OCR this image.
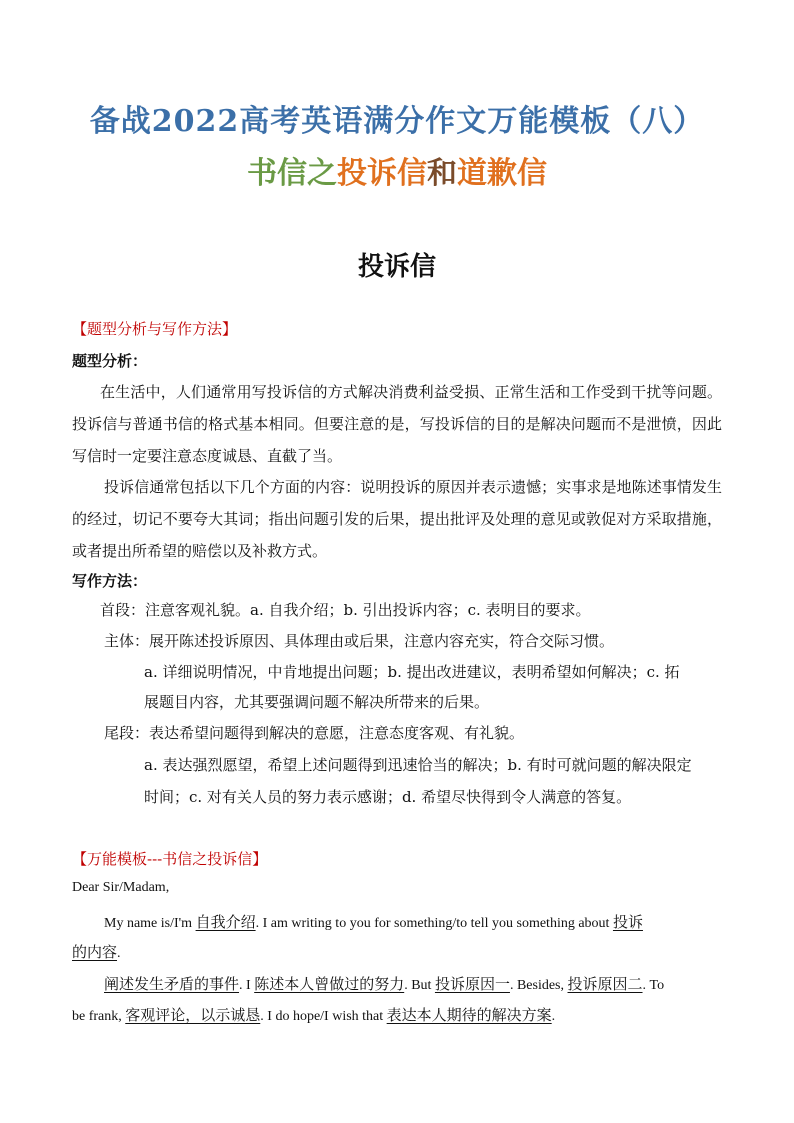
备战2022高考英语满分作文万能模板（八）
书信之投诉信和道歉信
投诉信
【题型分析与写作方法】
题型分析：
在生活中，人们通常用写投诉信的方式解决消费利益受损、正常生活和工作受到干扰等问题。投诉信与普通书信的格式基本相同。但要注意的是，写投诉信的目的是解决问题而不是泄愤，因此写信时一定要注意态度诚恳、直截了当。
投诉信通常包括以下几个方面的内容：说明投诉的原因并表示遗憾；实事求是地陈述事情发生的经过，切记不要夸大其词；指出问题引发的后果，提出批评及处理的意见或敦促对方采取措施，或者提出所希望的赔偿以及补救方式。
写作方法：
首段：注意客观礼貌。a. 自我介绍；b. 引出投诉内容；c. 表明目的要求。
主体：展开陈述投诉原因、具体理由或后果，注意内容充实，符合交际习惯。
a. 详细说明情况，中肯地提出问题；b. 提出改进建议，表明希望如何解决；c. 拓
展题目内容，尤其要强调问题不解决所带来的后果。
尾段：表达希望问题得到解决的意愿，注意态度客观、有礼貌。
a. 表达强烈愿望，希望上述问题得到迅速恰当的解决；b. 有时可就问题的解决限定
时间；c. 对有关人员的努力表示感谢；d. 希望尽快得到令人满意的答复。
【万能模板---书信之投诉信】
Dear Sir/Madam,
My name is/I'm 自我介绍. I am writing to you for something/to tell you something about 投诉
的内容.
阐述发生矛盾的事件. I 陈述本人曾做过的努力. But 投诉原因一. Besides, 投诉原因二. To
be frank, 客观评论，以示诚恳. I do hope/I wish that 表达本人期待的解决方案.
